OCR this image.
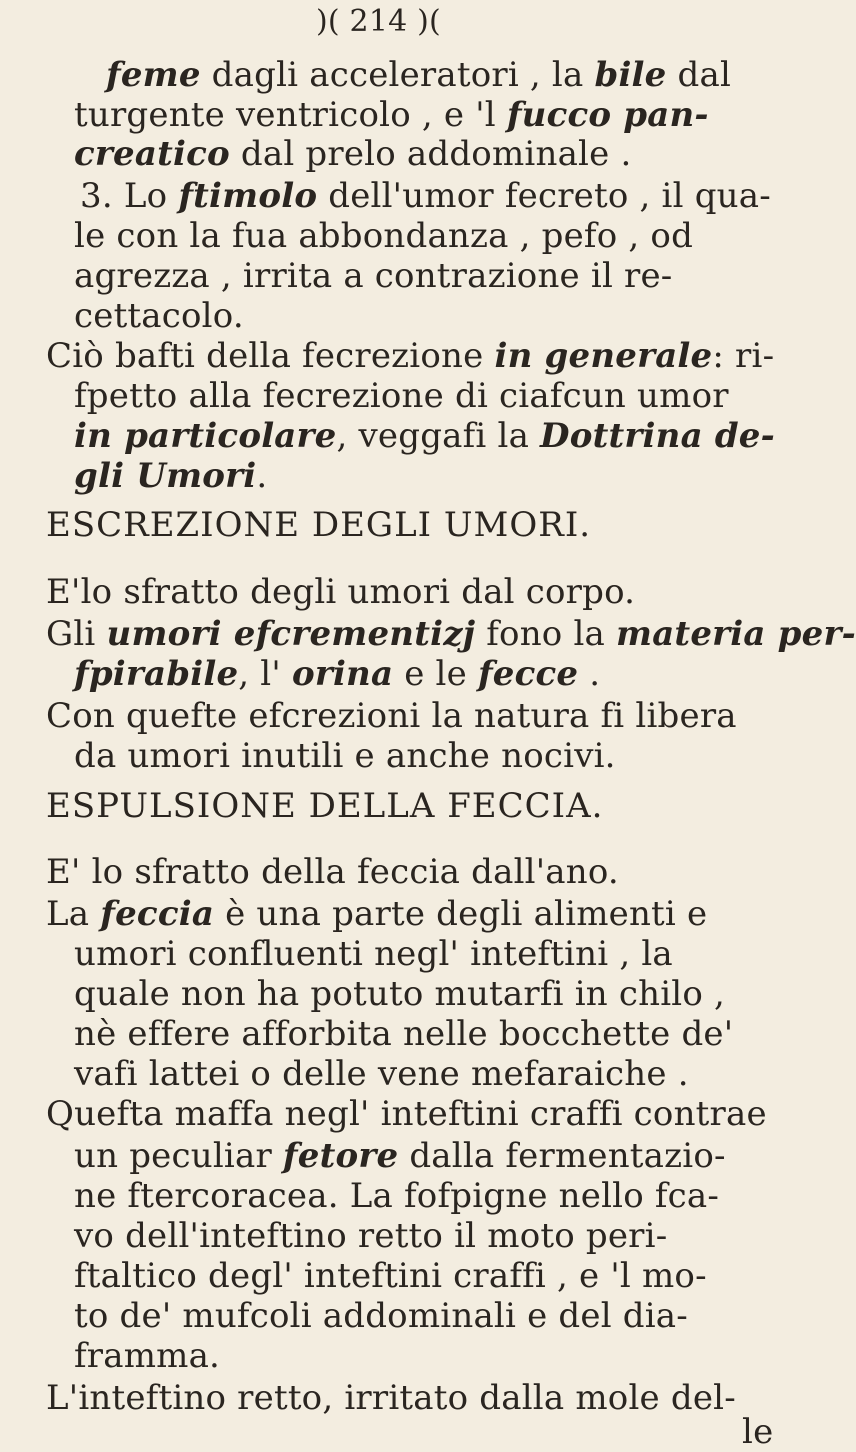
)( 214 )(
feme dagli acceleratori , la bile dal
turgente ventricolo , e 'l fucco pan-
creatico dal prelo addominale .
3. Lo ftimolo dell'umor fecreto , il qua-
le con la fua abbondanza , pefo , od
agrezza , irrita a contrazione il re-
cettacolo.
Ciò bafti della fecrezione in generale: ri-
fpetto alla fecrezione di ciafcun umor
in particolare, veggafi la Dottrina de-
gli Umori.
ESCREZIONE DEGLI UMORI.
E'lo sfratto degli umori dal corpo.
Gli umori efcrementizj fono la materia per-
fpirabile, l' orina e le fecce .
Con quefte efcrezioni la natura fi libera
da umori inutili e anche nocivi.
ESPULSIONE DELLA FECCIA.
E' lo sfratto della feccia dall'ano.
La feccia è una parte degli alimenti e
umori confluenti negl' inteftini , la
quale non ha potuto mutarfi in chilo ,
nè effere afforbita nelle bocchette de'
vafi lattei o delle vene mefaraiche .
Quefta maffa negl' inteftini craffi contrae
un peculiar fetore dalla fermentazio-
ne ftercoracea. La fofpigne nello fca-
vo dell'inteftino retto il moto peri-
ftaltico degl' inteftini craffi , e 'l mo-
to de' mufcoli addominali e del dia-
framma.
L'inteftino retto, irritato dalla mole del-
le
